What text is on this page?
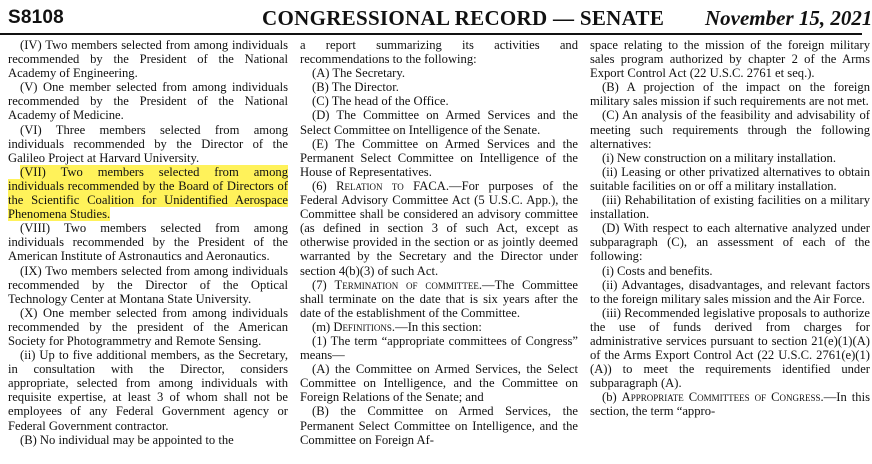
S8108	CONGRESSIONAL RECORD — SENATE November 15, 2021

(IV) Two members selected from among individuals recommended by the President of the National Academy of Engineering.

(V) One member selected from among individuals recommended by the President of the National Academy of Medicine.

(VI) Three members selected from among individuals recommended by the Director of the Galileo Project at Harvard University.

(VII) Two members selected from among individuals recommended by the Board of Directors of the Scientific Coalition for Unidentified Aerospace Phenomena Studies.

(VIII) Two members selected from among individuals recommended by the President of the American Institute of Astronautics and Aeronautics.

(IX) Two members selected from among individuals recommended by the Director of the Optical Technology Center at Montana State University.

(X) One member selected from among individuals recommended by the president of the American Society for Photogrammetry and Remote Sensing.

(ii) Up to five additional members, as the Secretary, in consultation with the Director, considers appropriate, selected from among individuals with requisite expertise, at least 3 of whom shall not be employees of any Federal Government agency or Federal Government contractor.

(B) No individual may be appointed to the

a report summarizing its activities and recommendations to the following:

(A) The Secretary.

(B) The Director.

(C) The head of the Office.

(D) The Committee on Armed Services and the Select Committee on Intelligence of the Senate.

(E) The Committee on Armed Services and the Permanent Select Committee on Intelligence of the House of Representatives.

(6) Relation to FACA.—For purposes of the Federal Advisory Committee Act (5 U.S.C. App.), the Committee shall be considered an advisory committee (as defined in section 3 of such Act, except as otherwise provided in the section or as jointly deemed warranted by the Secretary and the Director under section 4(b)(3) of such Act.

(7) Termination of committee.—The Committee shall terminate on the date that is six years after the date of the establishment of the Committee.

(m) Definitions.—In this section:

(1) The term “appropriate committees of Congress” means—

(A) the Committee on Armed Services, the Select Committee on Intelligence, and the Committee on Foreign Relations of the Senate; and

(B) the Committee on Armed Services, the Permanent Select Committee on Intelligence, and the Committee on Foreign Af-

space relating to the mission of the foreign military sales program authorized by chapter 2 of the Arms Export Control Act (22 U.S.C. 2761 et seq.).

(B) A projection of the impact on the foreign military sales mission if such requirements are not met.

(C) An analysis of the feasibility and advisability of meeting such requirements through the following alternatives:

(i) New construction on a military installation.

(ii) Leasing or other privatized alternatives to obtain suitable facilities on or off a military installation.

(iii) Rehabilitation of existing facilities on a military installation.

(D) With respect to each alternative analyzed under subparagraph (C), an assessment of each of the following:

(i) Costs and benefits.

(ii) Advantages, disadvantages, and relevant factors to the foreign military sales mission and the Air Force.

(iii) Recommended legislative proposals to authorize the use of funds derived from charges for administrative services pursuant to section 21(e)(1)(A) of the Arms Export Control Act (22 U.S.C. 2761(e)(1)(A)) to meet the requirements identified under subparagraph (A).

(b) Appropriate Committees of Congress.—In this section, the term “appro-
